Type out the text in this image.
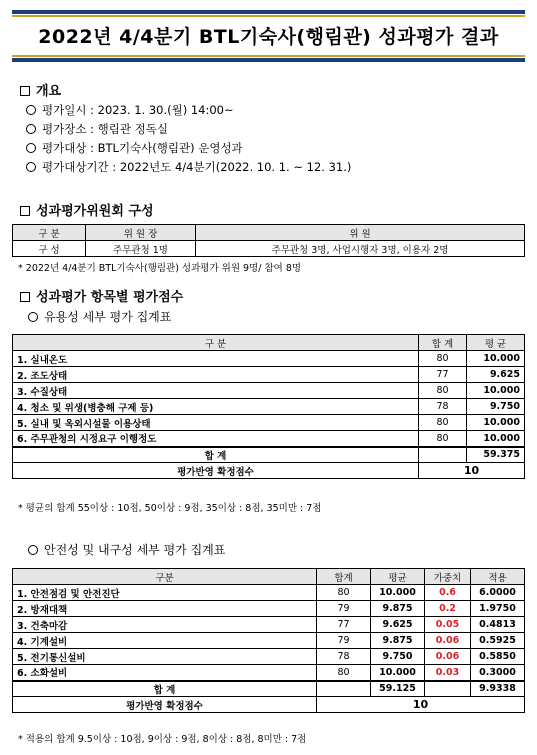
2022년 4/4분기 BTL기숙사(행림관) 성과평가 결과
개요
평가일시 : 2023. 1. 30.(월) 14:00~
평가장소 : 행림관 정독실
평가대상 : BTL기숙사(행림관) 운영성과
평가대상기간 : 2022년도 4/4분기(2022. 10. 1. ~ 12. 31.)
성과평가위원회 구성
구 분	위 원 장	위 원
구 성	주무관청 1명	주무관청 3명, 사업시행자 3명, 이용자 2명
* 2022년 4/4분기 BTL기숙사(행림관) 성과평가 위원 9명/ 참여 8명
성과평가 항목별 평가점수
유용성 세부 평가 집계표
구 분	합 계	평 균
1. 실내온도	80	10.000
2. 조도상태	77	9.625
3. 수질상태	80	10.000
4. 청소 및 위생(병충해 구제 등)	78	9.750
5. 실내 및 옥외시설물 이용상태	80	10.000
6. 주무관청의 시정요구 이행정도	80	10.000
합 계		59.375
평가반영 확정점수	10	
* 평균의 합계 55이상 : 10점, 50이상 : 9점, 35이상 : 8점, 35미만 : 7점
안전성 및 내구성 세부 평가 집계표
구분	합계	평균	가중치	적용
1. 안전점검 및 안전진단	80	10.000	0.6	6.0000
2. 방재대책	79	9.875	0.2	1.9750
3. 건축마감	77	9.625	0.05	0.4813
4. 기계설비	79	9.875	0.06	0.5925
5. 전기통신설비	78	9.750	0.06	0.5850
6. 소화설비	80	10.000	0.03	0.3000
합 계		59.125		9.9338
평가반영 확정점수	10			
* 적용의 합계 9.5이상 : 10점, 9이상 : 9점, 8이상 : 8점, 8미만 : 7점
